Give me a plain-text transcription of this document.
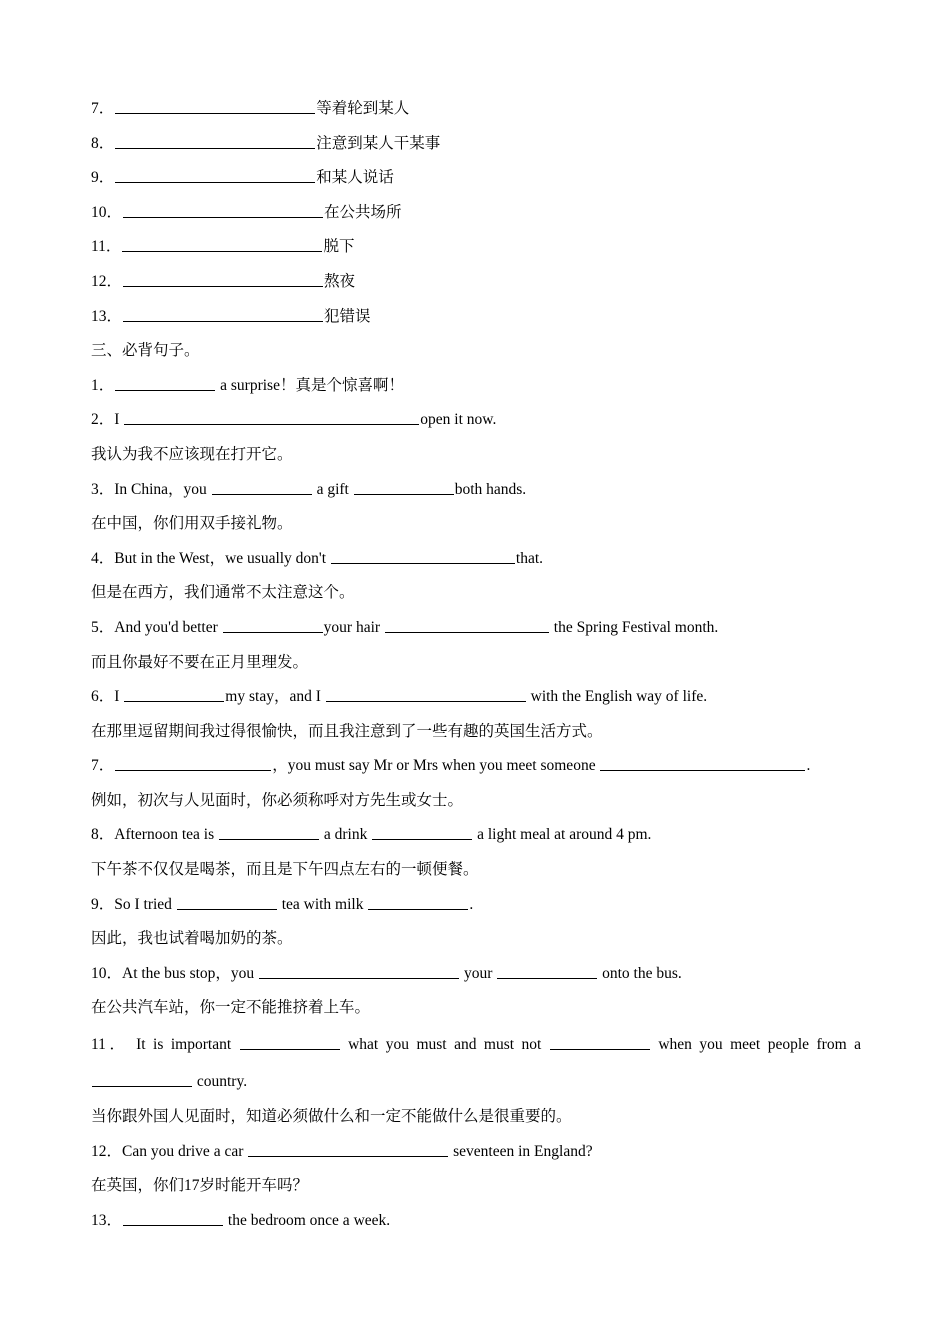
7．	等着轮到某人
8．	注意到某人干某事
9．	和某人说话
10．	在公共场所
11．	脱下
12．	熬夜
13．	犯错误
三、必背句子。
1．	a surprise！真是个惊喜啊！
2．I	open it now.
我认为我不应该现在打开它。
3．In China，you	a gift	both hands.
在中国，你们用双手接礼物。
4．But in the West，we usually don't	that.
但是在西方，我们通常不太注意这个。
5．And you'd better	your hair	the Spring Festival month.
而且你最好不要在正月里理发。
6．I	my stay，and I	with the English way of life.
在那里逗留期间我过得很愉快，而且我注意到了一些有趣的英国生活方式。
7．	，you must say Mr or Mrs when you meet someone	.
例如，初次与人见面时，你必须称呼对方先生或女士。
8．Afternoon tea is	a drink	a light meal at around 4 pm.
下午茶不仅仅是喝茶，而且是下午四点左右的一顿便餐。
9．So I tried	tea with milk	.
因此，我也试着喝加奶的茶。
10．At the bus stop，you	your	onto the bus.
在公共汽车站，你一定不能推挤着上车。
11． It is important	what you must and must not	when you meet people from a
country.
当你跟外国人见面时，知道必须做什么和一定不能做什么是很重要的。
12．Can you drive a car	seventeen in England?
在英国，你们17岁时能开车吗？
13．	the bedroom once a week.
